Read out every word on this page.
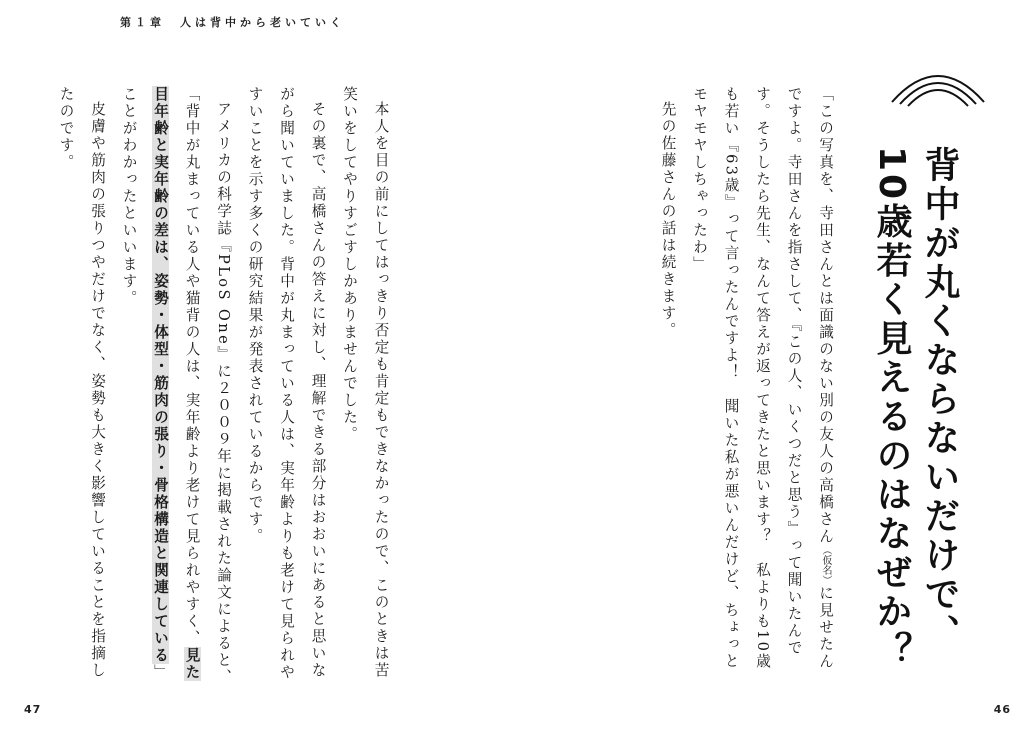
第１章　人は背中から老いていく
背中が丸くならないだけで、
10歳若く見えるのはなぜか？

「この写真を、寺田さんとは面識のない別の友人の高橋さん（仮名）に見せたんですよ。寺田さんを指さして、『この人、いくつだと思う』って聞いたんです。そうしたら先生、なんて答えが返ってきたと思います？　私よりも10歳も若い『63歳』って言ったんですよ！　聞いた私が悪いんだけど、ちょっとモヤモヤしちゃったわ」

先の佐藤さんの話は続きます。

本人を目の前にしてはっきり否定も肯定もできなかったので、このときは苦笑いをしてやりすごすしかありませんでした。

その裏で、高橋さんの答えに対し、理解できる部分はおおいにあると思いながら聞いていました。背中が丸まっている人は、実年齢よりも老けて見られやすいことを示す多くの研究結果が発表されているからです。

アメリカの科学誌『PLoS One』に２００９年に掲載された論文によると、「背中が丸まっている人や猫背の人は、実年齢より老けて見られやすく、見た目年齢と実年齢の差は、姿勢・体型・筋肉の張り・骨格構造と関連している」ことがわかったといいます。

皮膚や筋肉の張りつやだけでなく、姿勢も大きく影響していることを指摘したのです。

47	46
